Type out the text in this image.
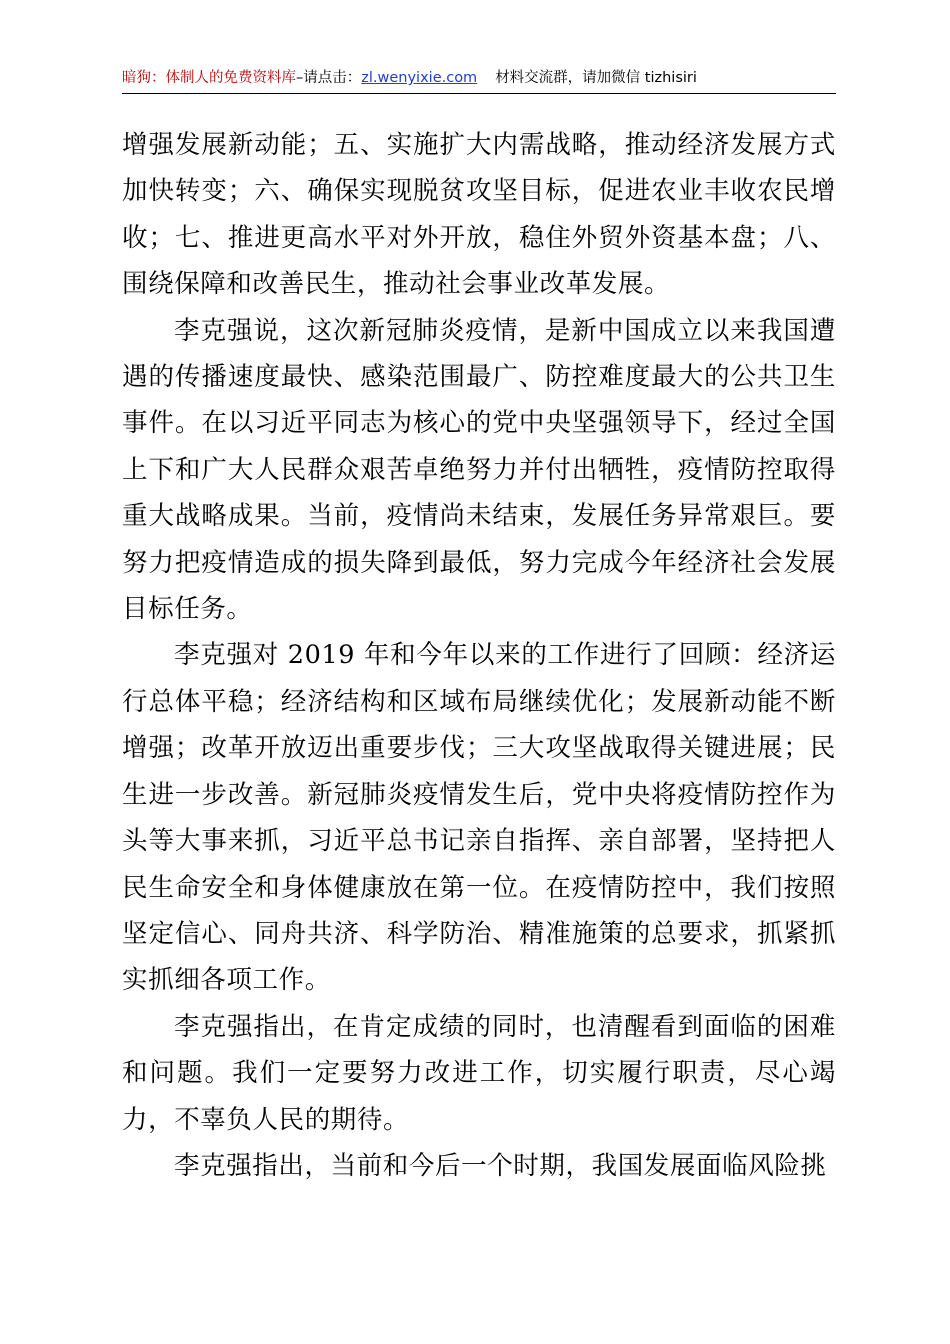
暗狗：体制人的免费资料库–请点击：zl.wenyixie.com 材料交流群，请加微信 tizhisiri

增强发展新动能；五、实施扩大内需战略，推动经济发展方式加快转变；六、确保实现脱贫攻坚目标，促进农业丰收农民增收；七、推进更高水平对外开放，稳住外贸外资基本盘；八、围绕保障和改善民生，推动社会事业改革发展。

李克强说，这次新冠肺炎疫情，是新中国成立以来我国遭遇的传播速度最快、感染范围最广、防控难度最大的公共卫生事件。在以习近平同志为核心的党中央坚强领导下，经过全国上下和广大人民群众艰苦卓绝努力并付出牺牲，疫情防控取得重大战略成果。当前，疫情尚未结束，发展任务异常艰巨。要努力把疫情造成的损失降到最低，努力完成今年经济社会发展目标任务。

李克强对 2019 年和今年以来的工作进行了回顾：经济运行总体平稳；经济结构和区域布局继续优化；发展新动能不断增强；改革开放迈出重要步伐；三大攻坚战取得关键进展；民生进一步改善。新冠肺炎疫情发生后，党中央将疫情防控作为头等大事来抓，习近平总书记亲自指挥、亲自部署，坚持把人民生命安全和身体健康放在第一位。在疫情防控中，我们按照坚定信心、同舟共济、科学防治、精准施策的总要求，抓紧抓实抓细各项工作。

李克强指出，在肯定成绩的同时，也清醒看到面临的困难和问题。我们一定要努力改进工作，切实履行职责，尽心竭力，不辜负人民的期待。

李克强指出，当前和今后一个时期，我国发展面临风险挑
